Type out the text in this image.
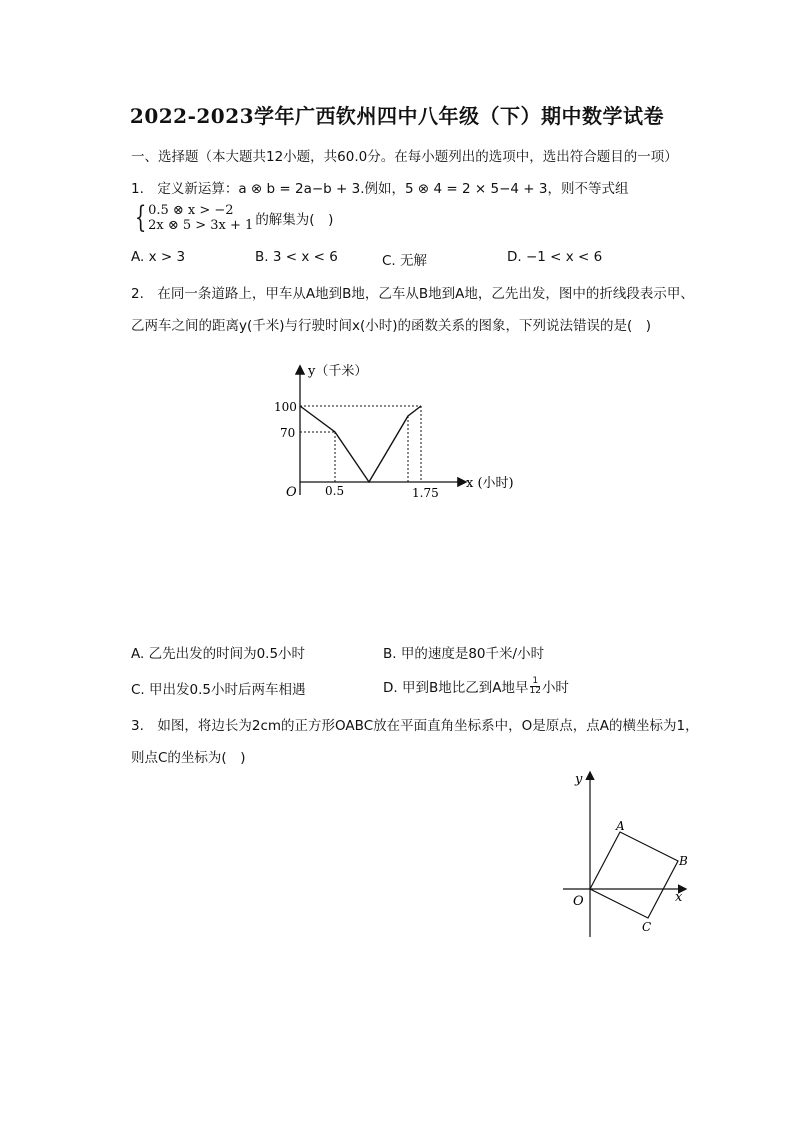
2022-2023学年广西钦州四中八年级（下）期中数学试卷
一、选择题（本大题共12小题，共60.0分。在每小题列出的选项中，选出符合题目的一项）
1.　定义新运算：a ⊗ b = 2a−b + 3.例如，5 ⊗ 4 = 2 × 5−4 + 3，则不等式组
{ 0.5 ⊗ x > −2
2x ⊗ 5 > 3x + 1 的解集为(　)
A. x > 3	B. 3 < x < 6	C. 无解	D. −1 < x < 6
2.　在同一条道路上，甲车从A地到B地，乙车从B地到A地，乙先出发，图中的折线段表示甲、
乙两车之间的距离y(千米)与行驶时间x(小时)的函数关系的图象，下列说法错误的是(　)
y（千米）
x (小时)
O
100
70
0.5	1.75
A. 乙先出发的时间为0.5小时	B. 甲的速度是80千米/小时
C. 甲出发0.5小时后两车相遇	D. 甲到B地比乙到A地早 $\frac{1}{12}$ 小时
3.　如图，将边长为2cm的正方形OABC放在平面直角坐标系中，O是原点，点A的横坐标为1，
则点C的坐标为(　)
y
x
O
A
B
C
